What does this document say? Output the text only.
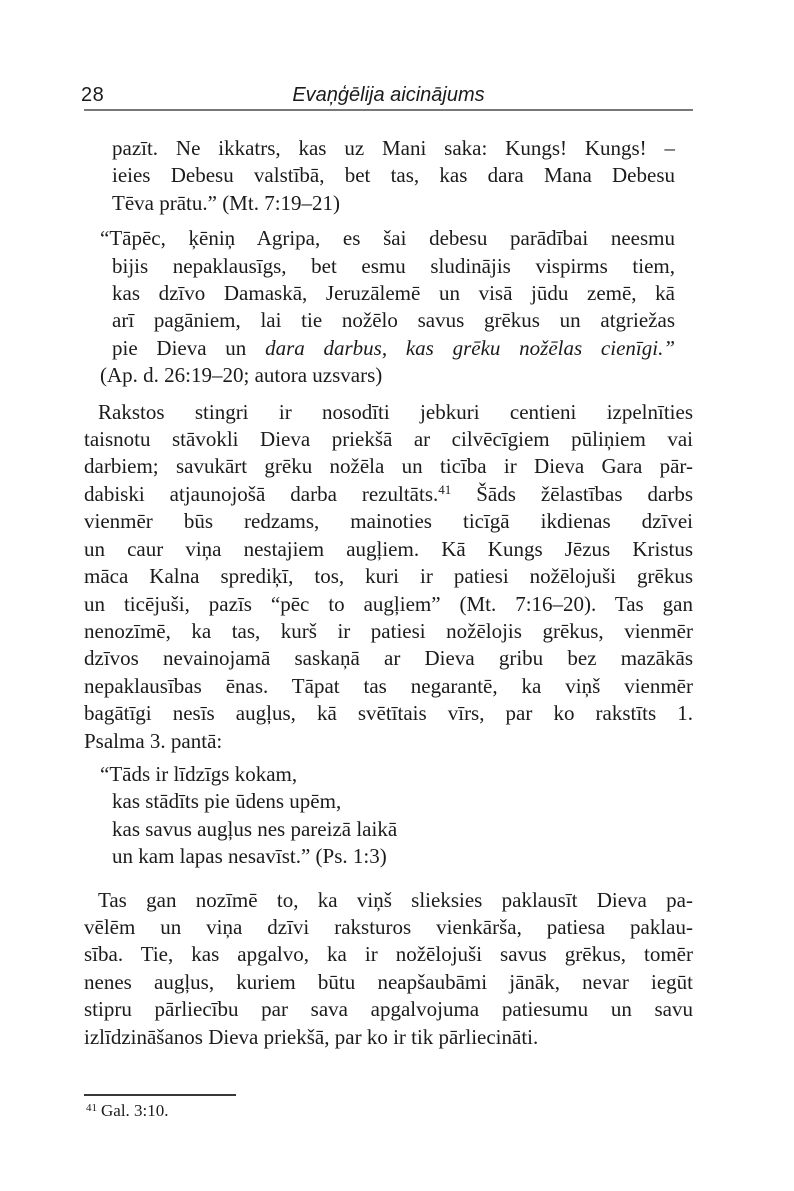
28	Evaņģēlija aicinājums
pazīt. Ne ikkatrs, kas uz Mani saka: Kungs! Kungs! –
ieies Debesu valstībā, bet tas, kas dara Mana Debesu
Tēva prātu.” (Mt. 7:19–21)
“Tāpēc, ķēniņ Agripa, es šai debesu parādībai neesmu
bijis nepaklausīgs, bet esmu sludinājis vispirms tiem,
kas dzīvo Damaskā, Jeruzālemē un visā jūdu zemē, kā
arī pagāniem, lai tie nožēlo savus grēkus un atgriežas
pie Dieva un dara darbus, kas grēku nožēlas cienīgi.”
(Ap. d. 26:19–20; autora uzsvars)
Rakstos stingri ir nosodīti jebkuri centieni izpelnīties
taisnotu stāvokli Dieva priekšā ar cilvēcīgiem pūliņiem vai
darbiem; savukārt grēku nožēla un ticība ir Dieva Gara pār-
dabiski atjaunojošā darba rezultāts.$^{41}$ Šāds žēlastības darbs
vienmēr būs redzams, mainoties ticīgā ikdienas dzīvei
un caur viņa nestajiem augļiem. Kā Kungs Jēzus Kristus
māca Kalna sprediķī, tos, kuri ir patiesi nožēlojuši grēkus
un ticējuši, pazīs “pēc to augļiem” (Mt. 7:16–20). Tas gan
nenozīmē, ka tas, kurš ir patiesi nožēlojis grēkus, vienmēr
dzīvos nevainojamā saskaņā ar Dieva gribu bez mazākās
nepaklausības ēnas. Tāpat tas negarantē, ka viņš vienmēr
bagātīgi nesīs augļus, kā svētītais vīrs, par ko rakstīts 1.
Psalma 3. pantā:
“Tāds ir līdzīgs kokam,
kas stādīts pie ūdens upēm,
kas savus augļus nes pareizā laikā
un kam lapas nesavīst.” (Ps. 1:3)
Tas gan nozīmē to, ka viņš slieksies paklausīt Dieva pa-
vēlēm un viņa dzīvi raksturos vienkārša, patiesa paklau-
sība. Tie, kas apgalvo, ka ir nožēlojuši savus grēkus, tomēr
nenes augļus, kuriem būtu neapšaubāmi jānāk, nevar iegūt
stipru pārliecību par sava apgalvojuma patiesumu un savu
izlīdzināšanos Dieva priekšā, par ko ir tik pārliecināti.
$^{41}$ Gal. 3:10.
